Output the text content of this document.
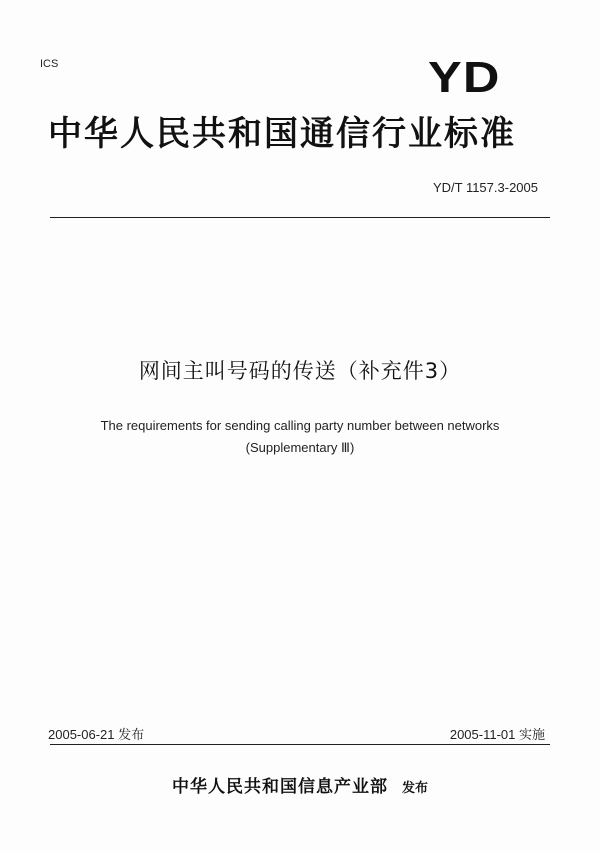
ICS	YD
中华人民共和国通信行业标准
YD/T 1157.3-2005
网间主叫号码的传送（补充件3）
The requirements for sending calling party number between networks
(Supplementary Ⅲ)
2005-06-21 发布	2005-11-01 实施
中华人民共和国信息产业部 发布
